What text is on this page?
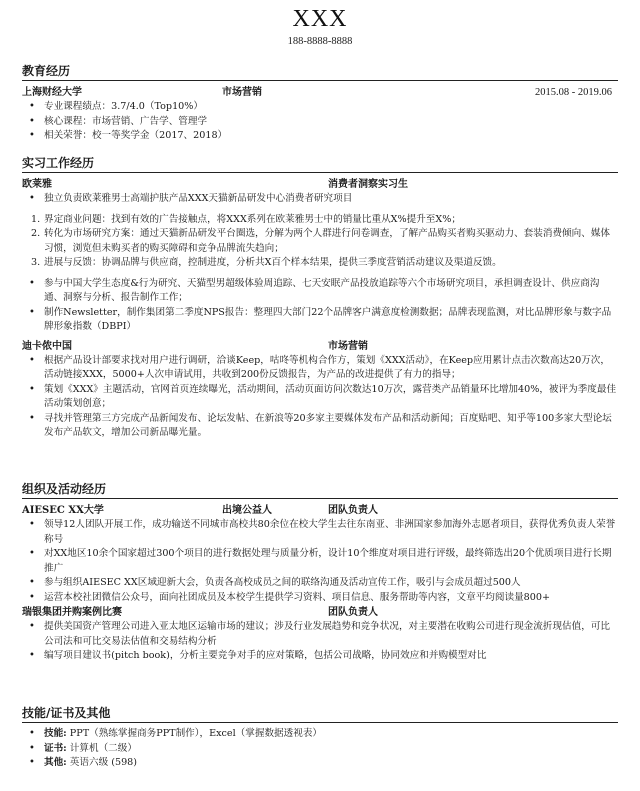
XXX
188-8888-8888
教育经历
上海财经大学	市场营销	2015.08 - 2019.06
• 专业课程绩点：3.7/4.0（Top10%）
• 核心课程：市场营销、广告学、管理学
• 相关荣誉：校一等奖学金（2017、2018）
实习工作经历
欧莱雅	消费者洞察实习生
• 独立负责欧莱雅男士高端护肤产品XXX天猫新品研发中心消费者研究项目
1. 界定商业问题：找到有效的广告接触点，将XXX系列在欧莱雅男士中的销量比重从X%提升至X%；
2. 转化为市场研究方案：通过天猫新品研发平台圈选，分解为两个人群进行问卷调查，了解产品购买者购买驱动力、套装消费倾向、媒体习惯，浏览但未购买者的购买障碍和竞争品牌流失趋向；
3. 进展与反馈：协调品牌与供应商，控制进度，分析共X百个样本结果，提供三季度营销活动建议及渠道反馈。
• 参与中国大学生态度&行为研究、天猫型男超级体验周追踪、七天安眠产品投放追踪等六个市场研究项目，承担调查设计、供应商沟通、洞察与分析、报告制作工作；
• 制作Newsletter，制作集团第二季度NPS报告：整理四大部门22个品牌客户满意度检测数据；品牌表现监测，对比品牌形象与数字品牌形象指数（DBPI）
迪卡侬中国	市场营销
• 根据产品设计部要求找对用户进行调研，洽谈Keep，咕咚等机构合作方，策划《XXX活动》，在Keep应用累计点击次数高达20万次，活动链接XXX，5000+人次申请试用，共收到200份反馈报告，为产品的改进提供了有力的指导；
• 策划《XXX》主题活动，官网首页连续曝光，活动期间，活动页面访问次数达10万次，露营类产品销量环比增加40%，被评为季度最佳活动策划创意；
• 寻找并管理第三方完成产品新闻发布、论坛发帖、在新浪等20多家主要媒体发布产品和活动新闻；百度贴吧、知乎等100多家大型论坛发布产品软文，增加公司新品曝光量。
组织及活动经历
AIESEC XX大学	出境公益人	团队负责人
• 领导12人团队开展工作，成功输送不同城市高校共80余位在校大学生去往东南亚、非洲国家参加海外志愿者项目，获得优秀负责人荣誉称号
• 对XX地区10余个国家超过300个项目的进行数据处理与质量分析，设计10个维度对项目进行评级，最终筛选出20个优质项目进行长期推广
• 参与组织AIESEC XX区域迎新大会，负责各高校成员之间的联络沟通及活动宣传工作，吸引与会成员超过500人
• 运营本校社团微信公众号，面向社团成员及本校学生提供学习资料、项目信息、服务帮助等内容，文章平均阅读量800+
瑞银集团并购案例比赛	团队负责人
• 提供美国资产管理公司进入亚太地区运输市场的建议；涉及行业发展趋势和竞争状况，对主要潜在收购公司进行现金流折现估值，可比公司法和可比交易法估值和交易结构分析
• 编写项目建议书(pitch book)，分析主要竞争对手的应对策略，包括公司战略，协同效应和并购模型对比
技能/证书及其他
• 技能: PPT（熟练掌握商务PPT制作），Excel（掌握数据透视表）
• 证书: 计算机（二级）
• 其他: 英语六级 (598)
